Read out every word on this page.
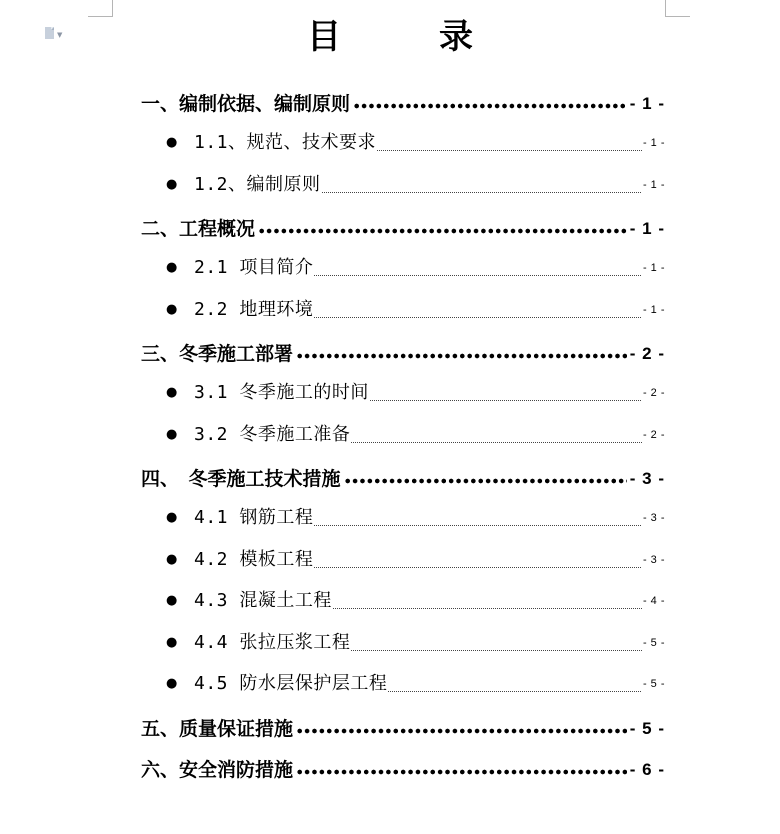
▼	目　录
一、编制依据、编制原则	- 1 -
● 1.1、规范、技术要求	- 1 -
● 1.2、编制原则	- 1 -
二、工程概况	- 1 -
● 2.1 项目简介	- 1 -
● 2.2 地理环境	- 1 -
三、冬季施工部署	- 2 -
● 3.1 冬季施工的时间	- 2 -
● 3.2 冬季施工准备	- 2 -
四、　冬季施工技术措施	- 3 -
● 4.1 钢筋工程	- 3 -
● 4.2 模板工程	- 3 -
● 4.3 混凝土工程	- 4 -
● 4.4 张拉压浆工程	- 5 -
● 4.5 防水层保护层工程	- 5 -
五、质量保证措施	- 5 -
六、安全消防措施	- 6 -
